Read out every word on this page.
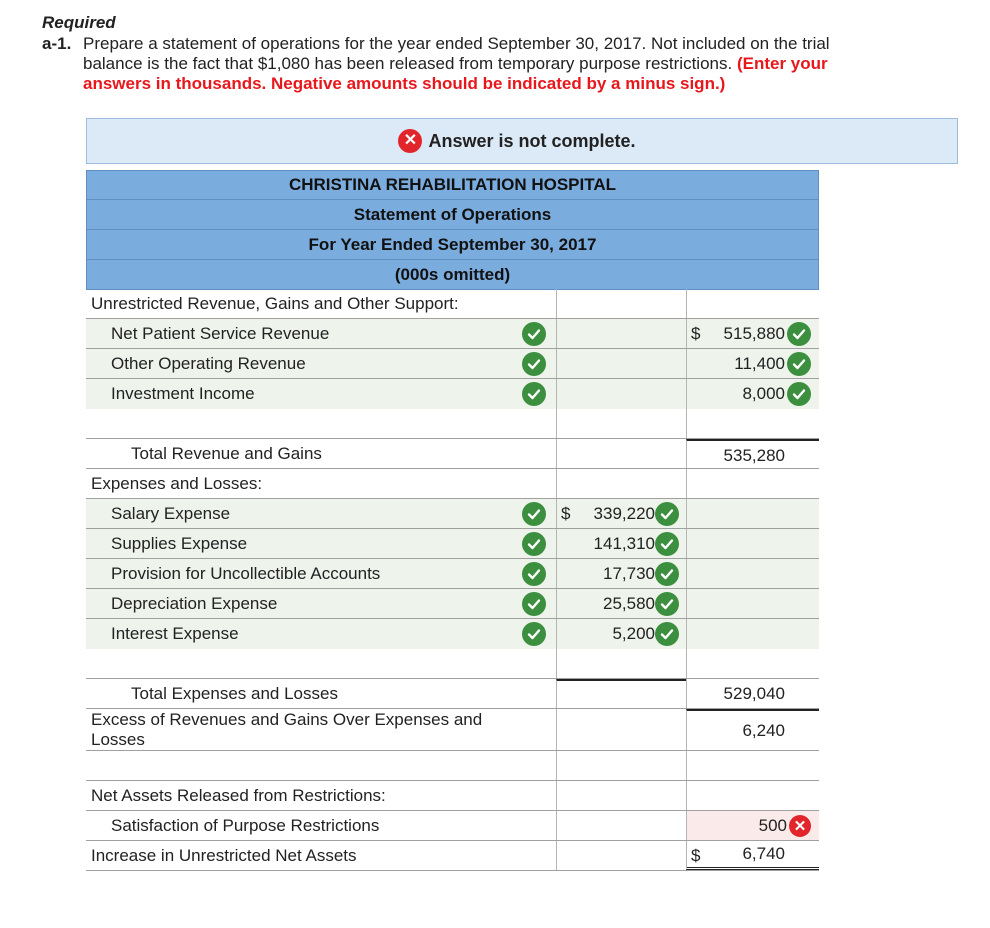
Required
a-1. Prepare a statement of operations for the year ended September 30, 2017. Not included on the trial balance is the fact that $1,080 has been released from temporary purpose restrictions. (Enter your answers in thousands. Negative amounts should be indicated by a minus sign.)
✕ Answer is not complete.
CHRISTINA REHABILITATION HOSPITAL
Statement of Operations
For Year Ended September 30, 2017
(000s omitted)
Unrestricted Revenue, Gains and Other Support:
Net Patient Service Revenue	$ 515,880
Other Operating Revenue	11,400
Investment Income	8,000
Total Revenue and Gains	535,280
Expenses and Losses:
Salary Expense	$ 339,220
Supplies Expense	141,310
Provision for Uncollectible Accounts	17,730
Depreciation Expense	25,580
Interest Expense	5,200
Total Expenses and Losses	529,040
Excess of Revenues and Gains Over Expenses and
Losses	6,240
Net Assets Released from Restrictions:
Satisfaction of Purpose Restrictions	500 ✕
Increase in Unrestricted Net Assets	$ 6,740
